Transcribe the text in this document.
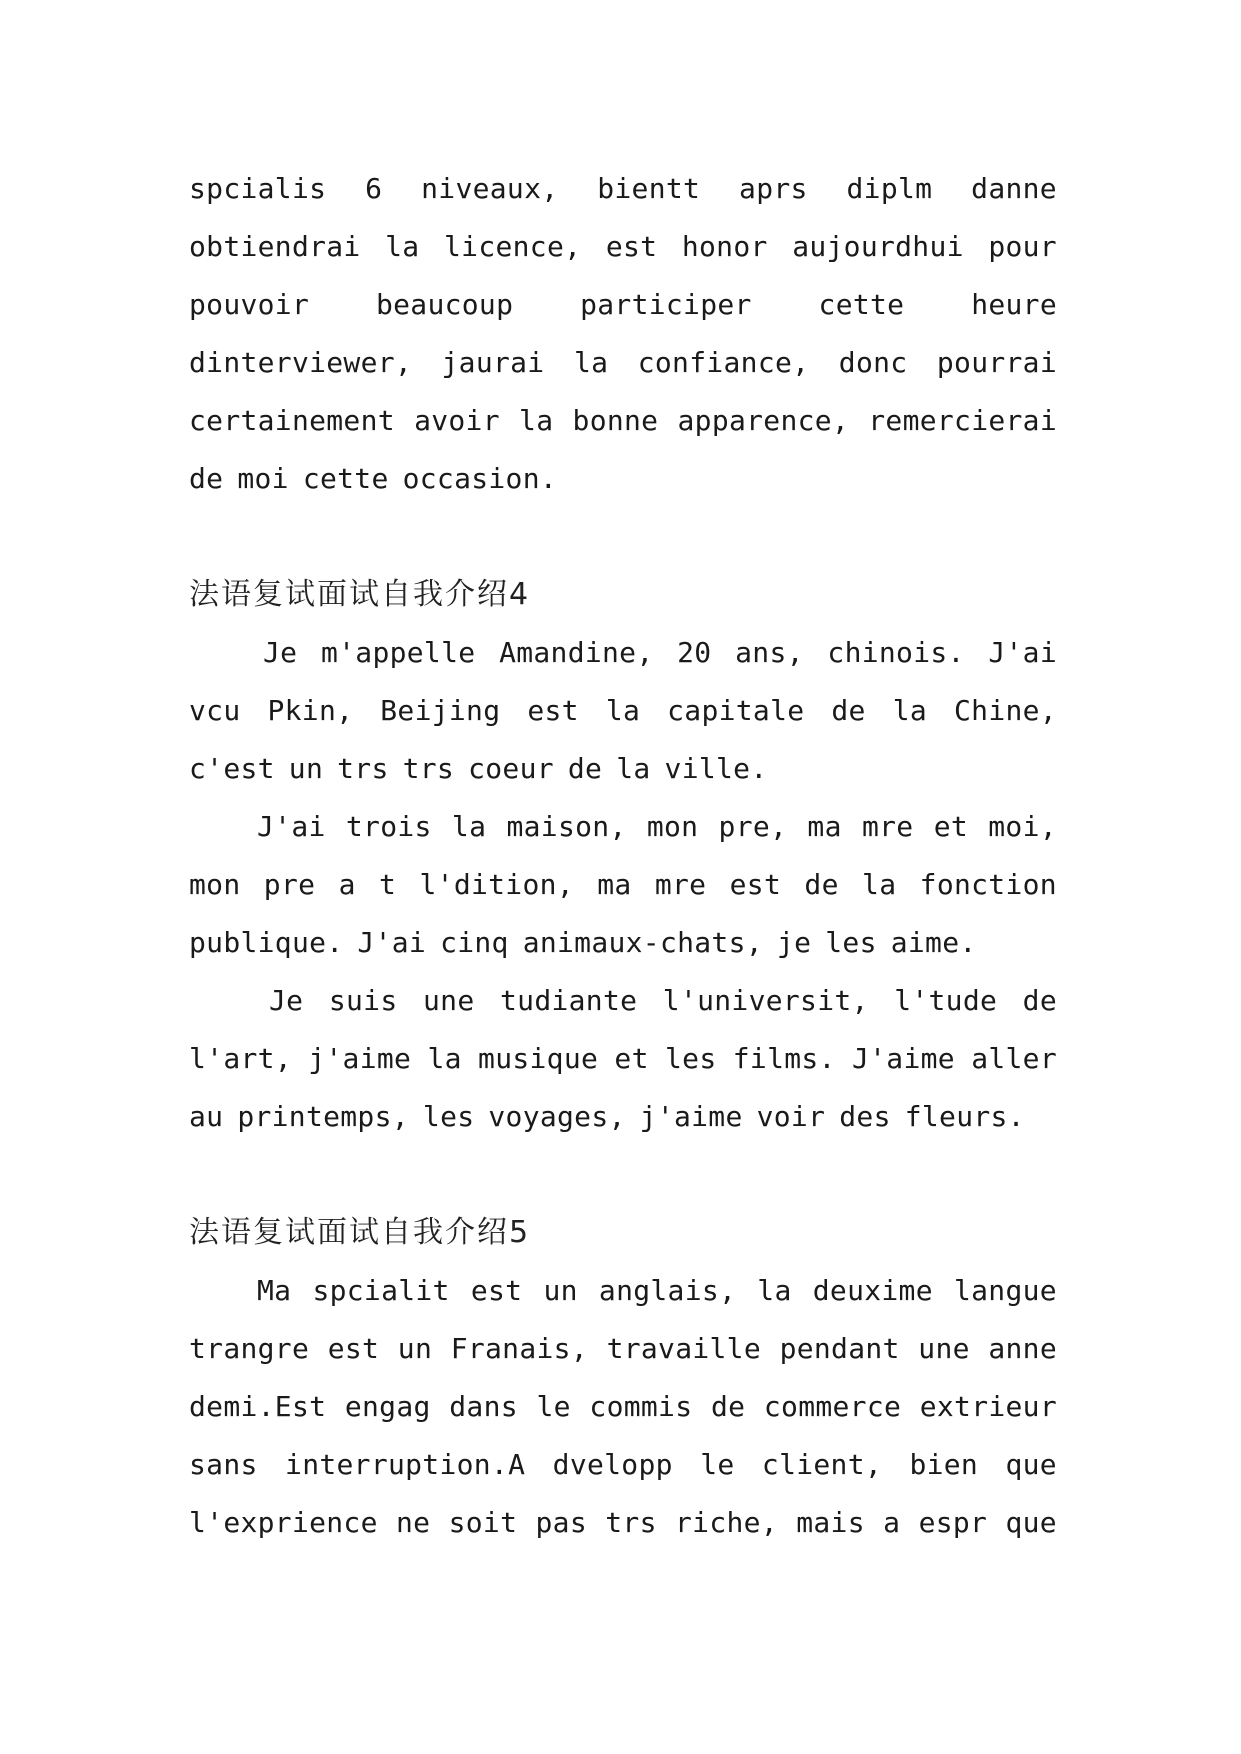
spcialis 6 niveaux, bientt aprs diplm danne
obtiendrai la licence, est honor aujourdhui pour
pouvoir beaucoup participer cette heure
dinterviewer, jaurai la confiance, donc pourrai
certainement avoir la bonne apparence, remercierai
de moi cette occasion.
法语复试面试自我介绍4
Je m'appelle Amandine, 20 ans, chinois. J'ai
vcu Pkin, Beijing est la capitale de la Chine,
c'est un trs trs coeur de la ville.
J'ai trois la maison, mon pre, ma mre et moi,
mon pre a t l'dition, ma mre est de la fonction
publique. J'ai cinq animaux-chats, je les aime.
Je suis une tudiante l'universit, l'tude de
l'art, j'aime la musique et les films. J'aime aller
au printemps, les voyages, j'aime voir des fleurs.
法语复试面试自我介绍5
Ma spcialit est un anglais, la deuxime langue
trangre est un Franais, travaille pendant une anne
demi.Est engag dans le commis de commerce extrieur
sans interruption.A dvelopp le client, bien que
l'exprience ne soit pas trs riche, mais a espr que
